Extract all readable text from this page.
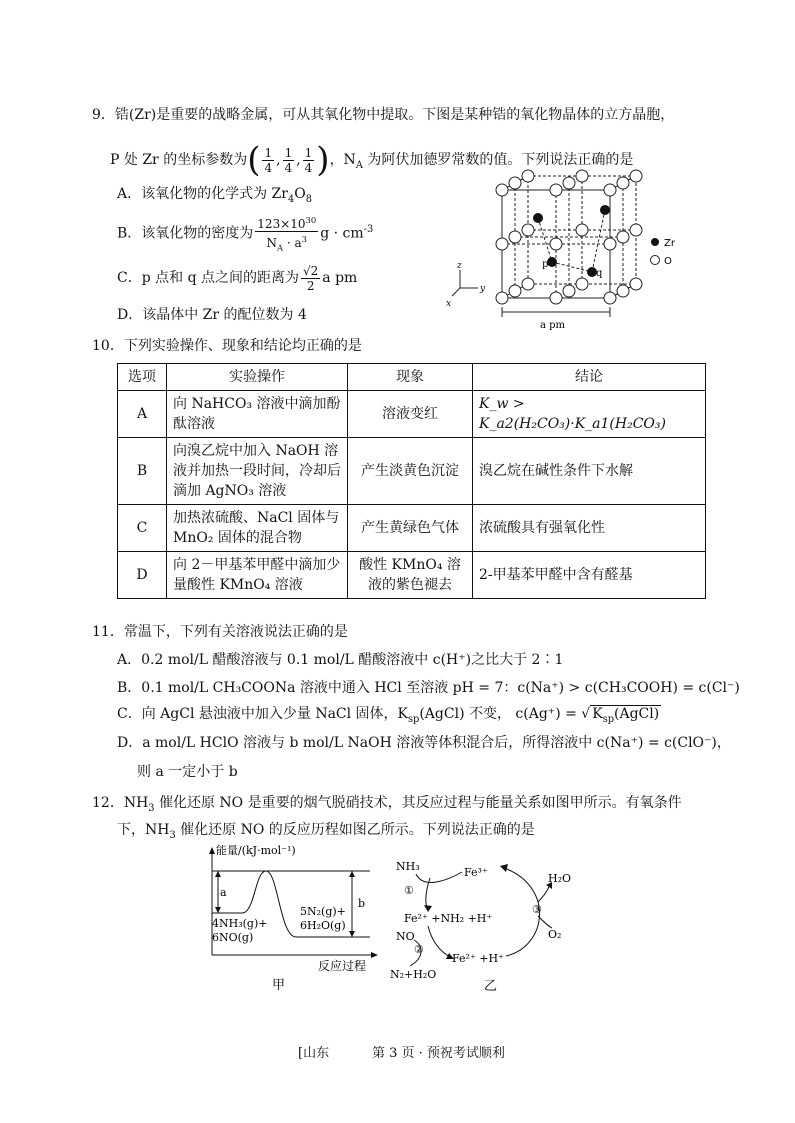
9．锆(Zr)是重要的战略金属，可从其氧化物中提取。下图是某种锆的氧化物晶体的立方晶胞，
P 处 Zr 的坐标参数为( $\frac{1}{4}$ , $\frac{1}{4}$ , $\frac{1}{4}$ )，$N_A$ 为阿伏加德罗常数的值。下列说法正确的是
A．该氧化物的化学式为 $Zr_4O_8$
B．该氧化物的密度为 $\frac{123\times 10^{30}}{N_A \cdot a^3}$ $g \cdot cm^{-3}$
C．p 点和 q 点之间的距离为 $\frac{√2}{2}$ a pm
D．该晶体中 Zr 的配位数为 4
p
q
Zr
O
z
y
x
a pm
10．下列实验操作、现象和结论均正确的是
选项	实验操作	现象	结论
A	向 NaHCO₃ 溶液中滴加酚酞溶液	溶液变红	K_w > K_a2(H₂CO₃)·K_a1(H₂CO₃)
B	向溴乙烷中加入 NaOH 溶液并加热一段时间，冷却后滴加 AgNO₃ 溶液	产生淡黄色沉淀	溴乙烷在碱性条件下水解
C	加热浓硫酸、NaCl 固体与 MnO₂ 固体的混合物	产生黄绿色气体	浓硫酸具有强氧化性
D	向 2－甲基苯甲醛中滴加少量酸性 KMnO₄ 溶液	酸性 KMnO₄ 溶液的紫色褪去	2-甲基苯甲醛中含有醛基
11．常温下，下列有关溶液说法正确的是
A．0.2 mol/L 醋酸溶液与 0.1 mol/L 醋酸溶液中 c(H⁺)之比大于 2∶1
B．0.1 mol/L CH₃COONa 溶液中通入 HCl 至溶液 pH = 7：c(Na⁺) > c(CH₃COOH) = c(Cl⁻)
C．向 AgCl 悬浊液中加入少量 NaCl 固体，$K_{sp}(AgCl)$ 不变， c(Ag⁺) = √ $K_{sp}(AgCl)$
D．a mol/L HClO 溶液与 b mol/L NaOH 溶液等体积混合后，所得溶液中 c(Na⁺) = c(ClO⁻)，
则 a 一定小于 b
12．$NH_3$ 催化还原 NO 是重要的烟气脱硝技术，其反应过程与能量关系如图甲所示。有氧条件
下，$NH_3$ 催化还原 NO 的反应历程如图乙所示。下列说法正确的是
能量/(kJ·mol⁻¹)
a
b
4NH₃(g)+
6NO(g)
5N₂(g)+
6H₂O(g)
反应过程
甲
NH₃	Fe³⁺
①
Fe²⁺ +NH₂ +H⁺
NO
②
N₂+H₂O
Fe²⁺ +H⁺
③
H₂O
O₂
乙
[山东	第 3 页 · 预祝考试顺利
